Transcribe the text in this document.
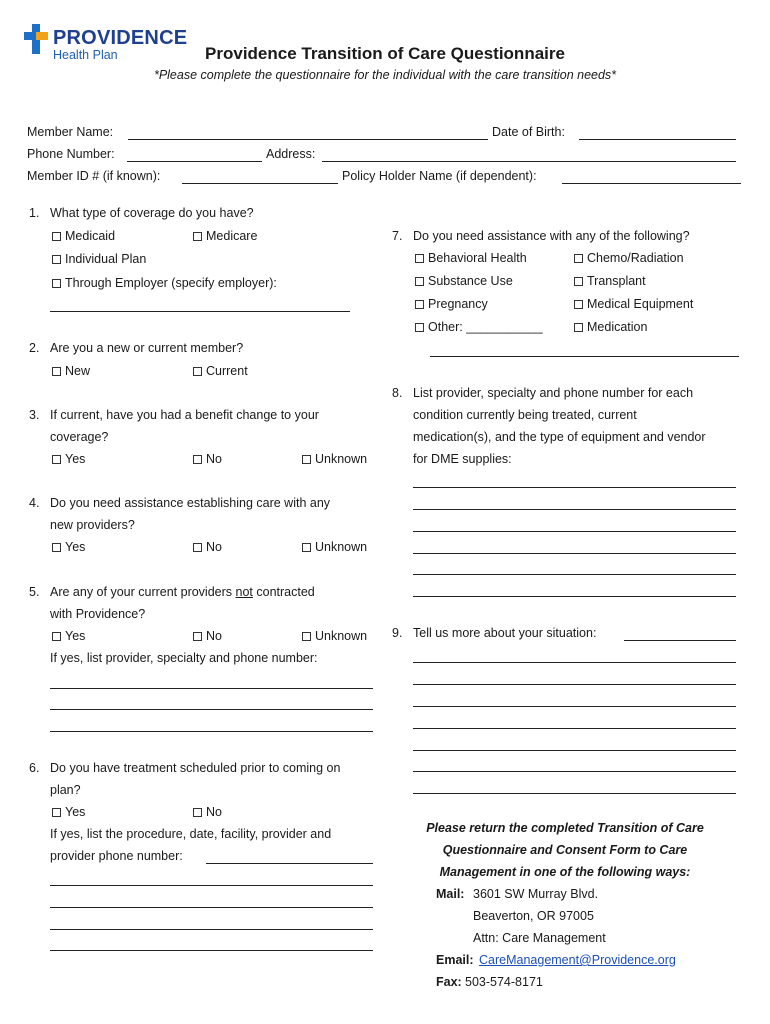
PROVIDENCE
Health Plan	Providence Transition of Care Questionnaire
*Please complete the questionnaire for the individual with the care transition needs*
Member Name:	Date of Birth:
Phone Number:	Address:
Member ID # (if known):	Policy Holder Name (if dependent):
1. What type of coverage do you have?
Medicaid	Medicare
Individual Plan
Through Employer (specify employer):
2. Are you a new or current member?
New	Current
3. If current, have you had a benefit change to your
coverage?
Yes	No	Unknown
4. Do you need assistance establishing care with any
new providers?
Yes	No	Unknown
5. Are any of your current providers not contracted
with Providence?
Yes	No	Unknown
If yes, list provider, specialty and phone number:
6. Do you have treatment scheduled prior to coming on
plan?
Yes	No
If yes, list the procedure, date, facility, provider and
provider phone number:
7. Do you need assistance with any of the following?
Behavioral Health	Chemo/Radiation
Substance Use	Transplant
Pregnancy	Medical Equipment
Other: ___________	Medication
8. List provider, specialty and phone number for each
condition currently being treated, current
medication(s), and the type of equipment and vendor
for DME supplies:
9. Tell us more about your situation:
Please return the completed Transition of Care
Questionnaire and Consent Form to Care
Management in one of the following ways:
Mail: 3601 SW Murray Blvd.
Beaverton, OR 97005
Attn: Care Management
Email: CareManagement@Providence.org
Fax: 503-574-8171
